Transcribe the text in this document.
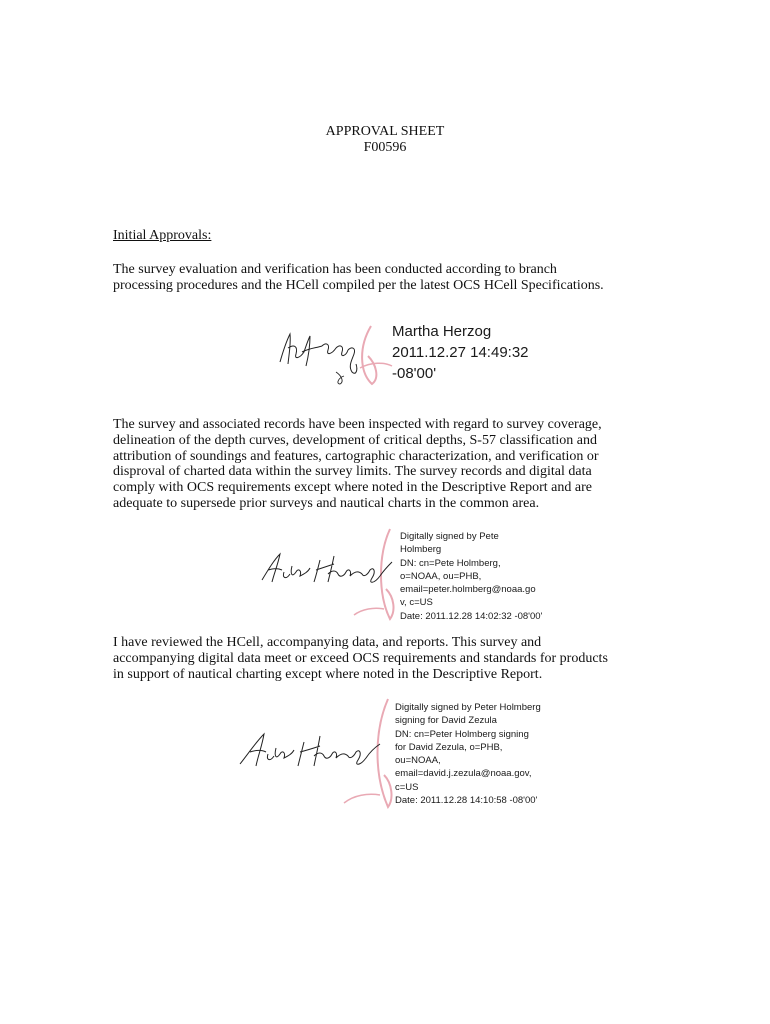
APPROVAL SHEET
F00596
Initial Approvals:
The survey evaluation and verification has been conducted according to branch
processing procedures and the HCell compiled per the latest OCS HCell Specifications.
Martha Herzog
2011.12.27 14:49:32
-08'00'
The survey and associated records have been inspected with regard to survey coverage,
delineation of the depth curves, development of critical depths, S-57 classification and
attribution of soundings and features, cartographic characterization, and verification or
disproval of charted data within the survey limits. The survey records and digital data
comply with OCS requirements except where noted in the Descriptive Report and are
adequate to supersede prior surveys and nautical charts in the common area.
Digitally signed by Pete
Holmberg
DN: cn=Pete Holmberg,
o=NOAA, ou=PHB,
email=peter.holmberg@noaa.go
v, c=US
Date: 2011.12.28 14:02:32 -08'00'
I have reviewed the HCell, accompanying data, and reports. This survey and
accompanying digital data meet or exceed OCS requirements and standards for products
in support of nautical charting except where noted in the Descriptive Report.
Digitally signed by Peter Holmberg
signing for David Zezula
DN: cn=Peter Holmberg signing
for David Zezula, o=PHB,
ou=NOAA,
email=david.j.zezula@noaa.gov,
c=US
Date: 2011.12.28 14:10:58 -08'00'
